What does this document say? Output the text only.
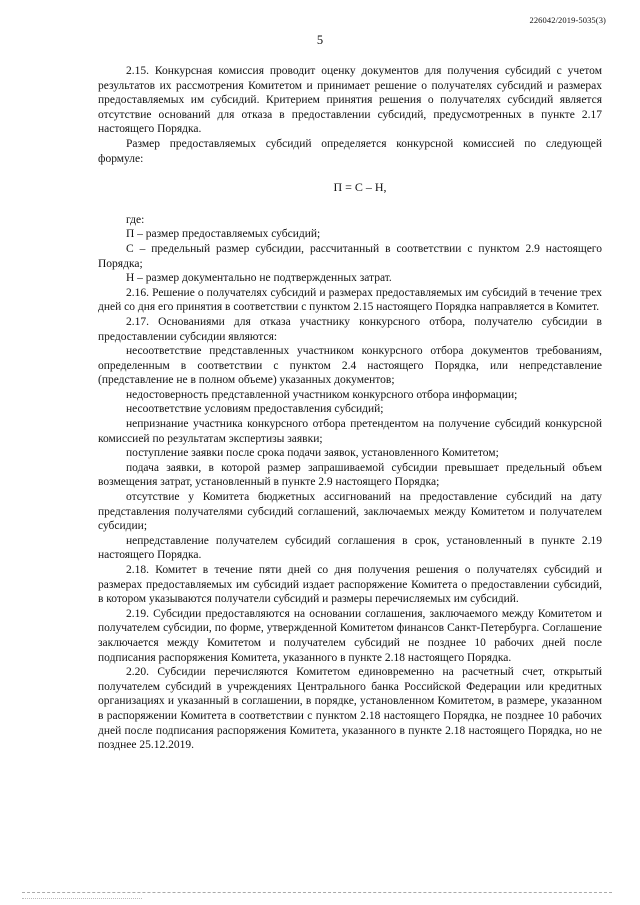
226042/2019-5035(3)
5

2.15. Конкурсная комиссия проводит оценку документов для получения субсидий с учетом результатов их рассмотрения Комитетом и принимает решение о получателях субсидий и размерах предоставляемых им субсидий. Критерием принятия решения о получателях субсидий является отсутствие оснований для отказа в предоставлении субсидий, предусмотренных в пункте 2.17 настоящего Порядка.

Размер предоставляемых субсидий определяется конкурсной комиссией по следующей формуле:

П = С – Н,

где:

П – размер предоставляемых субсидий;

С – предельный размер субсидии, рассчитанный в соответствии с пунктом 2.9 настоящего Порядка;

Н – размер документально не подтвержденных затрат.

2.16. Решение о получателях субсидий и размерах предоставляемых им субсидий в течение трех дней со дня его принятия в соответствии с пунктом 2.15 настоящего Порядка направляется в Комитет.

2.17. Основаниями для отказа участнику конкурсного отбора, получателю субсидии в предоставлении субсидии являются:

несоответствие представленных участником конкурсного отбора документов требованиям, определенным в соответствии с пунктом 2.4 настоящего Порядка, или непредставление (представление не в полном объеме) указанных документов;

недостоверность представленной участником конкурсного отбора информации;

несоответствие условиям предоставления субсидий;

непризнание участника конкурсного отбора претендентом на получение субсидий конкурсной комиссией по результатам экспертизы заявки;

поступление заявки после срока подачи заявок, установленного Комитетом;

подача заявки, в которой размер запрашиваемой субсидии превышает предельный объем возмещения затрат, установленный в пункте 2.9 настоящего Порядка;

отсутствие у Комитета бюджетных ассигнований на предоставление субсидий на дату представления получателями субсидий соглашений, заключаемых между Комитетом и получателем субсидии;

непредставление получателем субсидий соглашения в срок, установленный в пункте 2.19 настоящего Порядка.

2.18. Комитет в течение пяти дней со дня получения решения о получателях субсидий и размерах предоставляемых им субсидий издает распоряжение Комитета о предоставлении субсидий, в котором указываются получатели субсидий и размеры перечисляемых им субсидий.

2.19. Субсидии предоставляются на основании соглашения, заключаемого между Комитетом и получателем субсидии, по форме, утвержденной Комитетом финансов Санкт-Петербурга. Соглашение заключается между Комитетом и получателем субсидий не позднее 10 рабочих дней после подписания распоряжения Комитета, указанного в пункте 2.18 настоящего Порядка.

2.20. Субсидии перечисляются Комитетом единовременно на расчетный счет, открытый получателем субсидий в учреждениях Центрального банка Российской Федерации или кредитных организациях и указанный в соглашении, в порядке, установленном Комитетом, в размере, указанном в распоряжении Комитета в соответствии с пунктом 2.18 настоящего Порядка, не позднее 10 рабочих дней после подписания распоряжения Комитета, указанного в пункте 2.18 настоящего Порядка, но не позднее 25.12.2019.
